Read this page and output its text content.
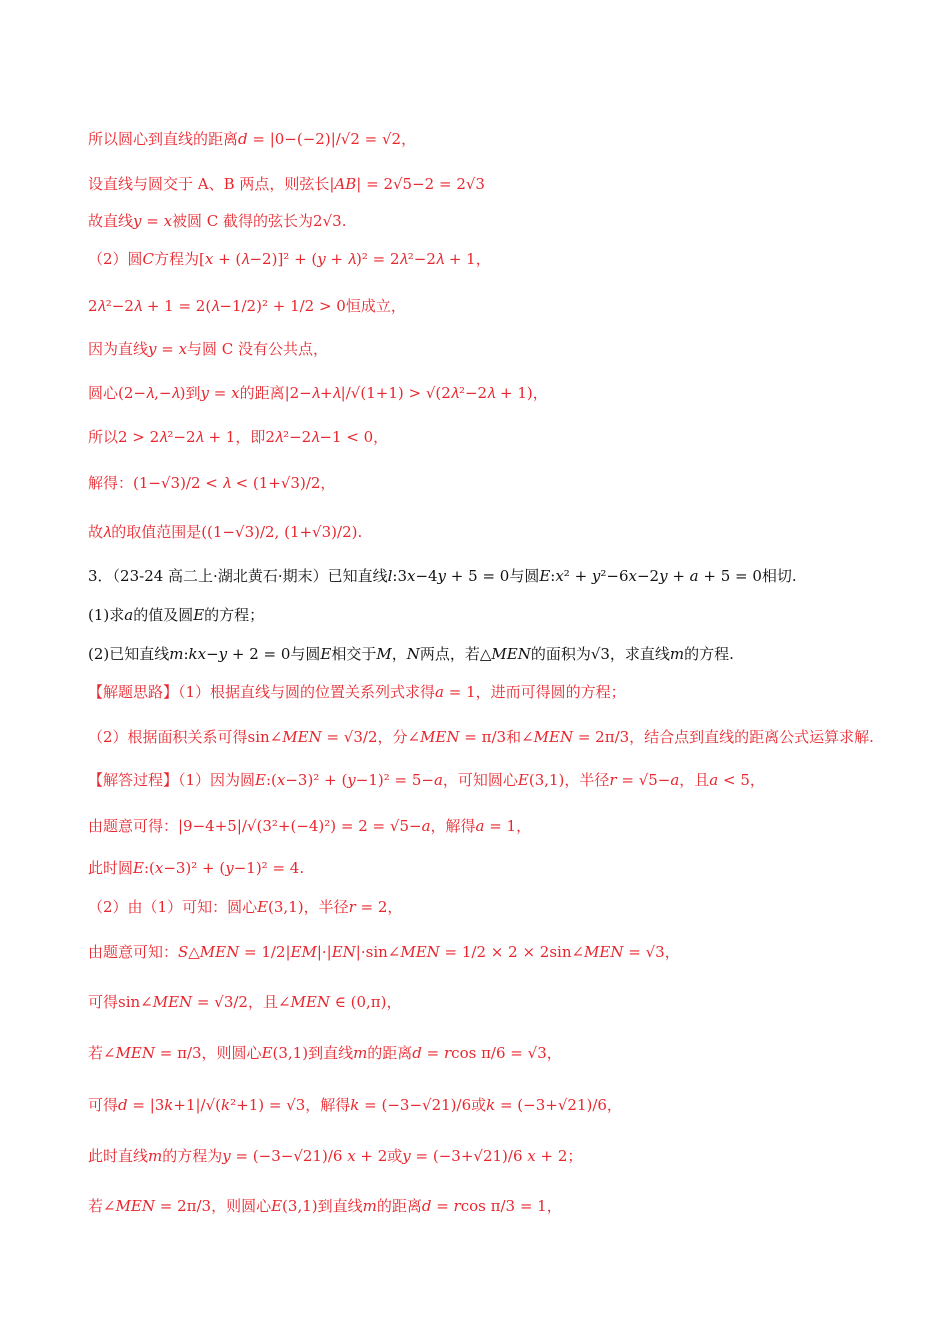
所以圆心到直线的距离𝑑 = |0−(−2)|/√2 = √2，
设直线与圆交于 A、B 两点，则弦长|𝐴𝐵| = 2√5−2 = 2√3
故直线𝑦 = 𝑥被圆 C 截得的弦长为2√3.
（2）圆𝐶方程为[𝑥 + (𝜆−2)]² + (𝑦 + 𝜆)² = 2𝜆²−2𝜆 + 1，
2𝜆²−2𝜆 + 1 = 2(𝜆−1/2)² + 1/2 > 0恒成立，
因为直线𝑦 = 𝑥与圆 C 没有公共点，
圆心(2−𝜆,−𝜆)到𝑦 = 𝑥的距离|2−𝜆+𝜆|/√(1+1) > √(2𝜆²−2𝜆 + 1)，
所以2 > 2𝜆²−2𝜆 + 1，即2𝜆²−2𝜆−1 < 0，
解得：(1−√3)/2 < 𝜆 < (1+√3)/2，
故𝜆的取值范围是((1−√3)/2, (1+√3)/2).
3．（23-24 高二上·湖北黄石·期末）已知直线𝑙:3𝑥−4𝑦 + 5 = 0与圆𝐸:𝑥² + 𝑦²−6𝑥−2𝑦 + 𝑎 + 5 = 0相切.
(1)求𝑎的值及圆𝐸的方程；
(2)已知直线𝑚:𝑘𝑥−𝑦 + 2 = 0与圆𝐸相交于𝑀，𝑁两点，若△𝑀𝐸𝑁的面积为√3，求直线𝑚的方程.
【解题思路】（1）根据直线与圆的位置关系列式求得𝑎 = 1，进而可得圆的方程；
（2）根据面积关系可得sin∠𝑀𝐸𝑁 = √3/2，分∠𝑀𝐸𝑁 = π/3和∠𝑀𝐸𝑁 = 2π/3，结合点到直线的距离公式运算求解.
【解答过程】（1）因为圆𝐸:(𝑥−3)² + (𝑦−1)² = 5−𝑎，可知圆心𝐸(3,1)，半径𝑟 = √5−𝑎，且𝑎 < 5，
由题意可得：|9−4+5|/√(3²+(−4)²) = 2 = √5−𝑎，解得𝑎 = 1，
此时圆𝐸:(𝑥−3)² + (𝑦−1)² = 4.
（2）由（1）可知：圆心𝐸(3,1)，半径𝑟 = 2，
由题意可知：𝑆△𝑀𝐸𝑁 = 1/2|𝐸𝑀|·|𝐸𝑁|·sin∠𝑀𝐸𝑁 = 1/2 × 2 × 2sin∠𝑀𝐸𝑁 = √3，
可得sin∠𝑀𝐸𝑁 = √3/2，且∠𝑀𝐸𝑁 ∈ (0,π)，
若∠𝑀𝐸𝑁 = π/3，则圆心𝐸(3,1)到直线𝑚的距离𝑑 = 𝑟cos π/6 = √3，
可得𝑑 = |3𝑘+1|/√(𝑘²+1) = √3，解得𝑘 = (−3−√21)/6或𝑘 = (−3+√21)/6，
此时直线𝑚的方程为𝑦 = (−3−√21)/6 𝑥 + 2或𝑦 = (−3+√21)/6 𝑥 + 2；
若∠𝑀𝐸𝑁 = 2π/3，则圆心𝐸(3,1)到直线𝑚的距离𝑑 = 𝑟cos π/3 = 1，
